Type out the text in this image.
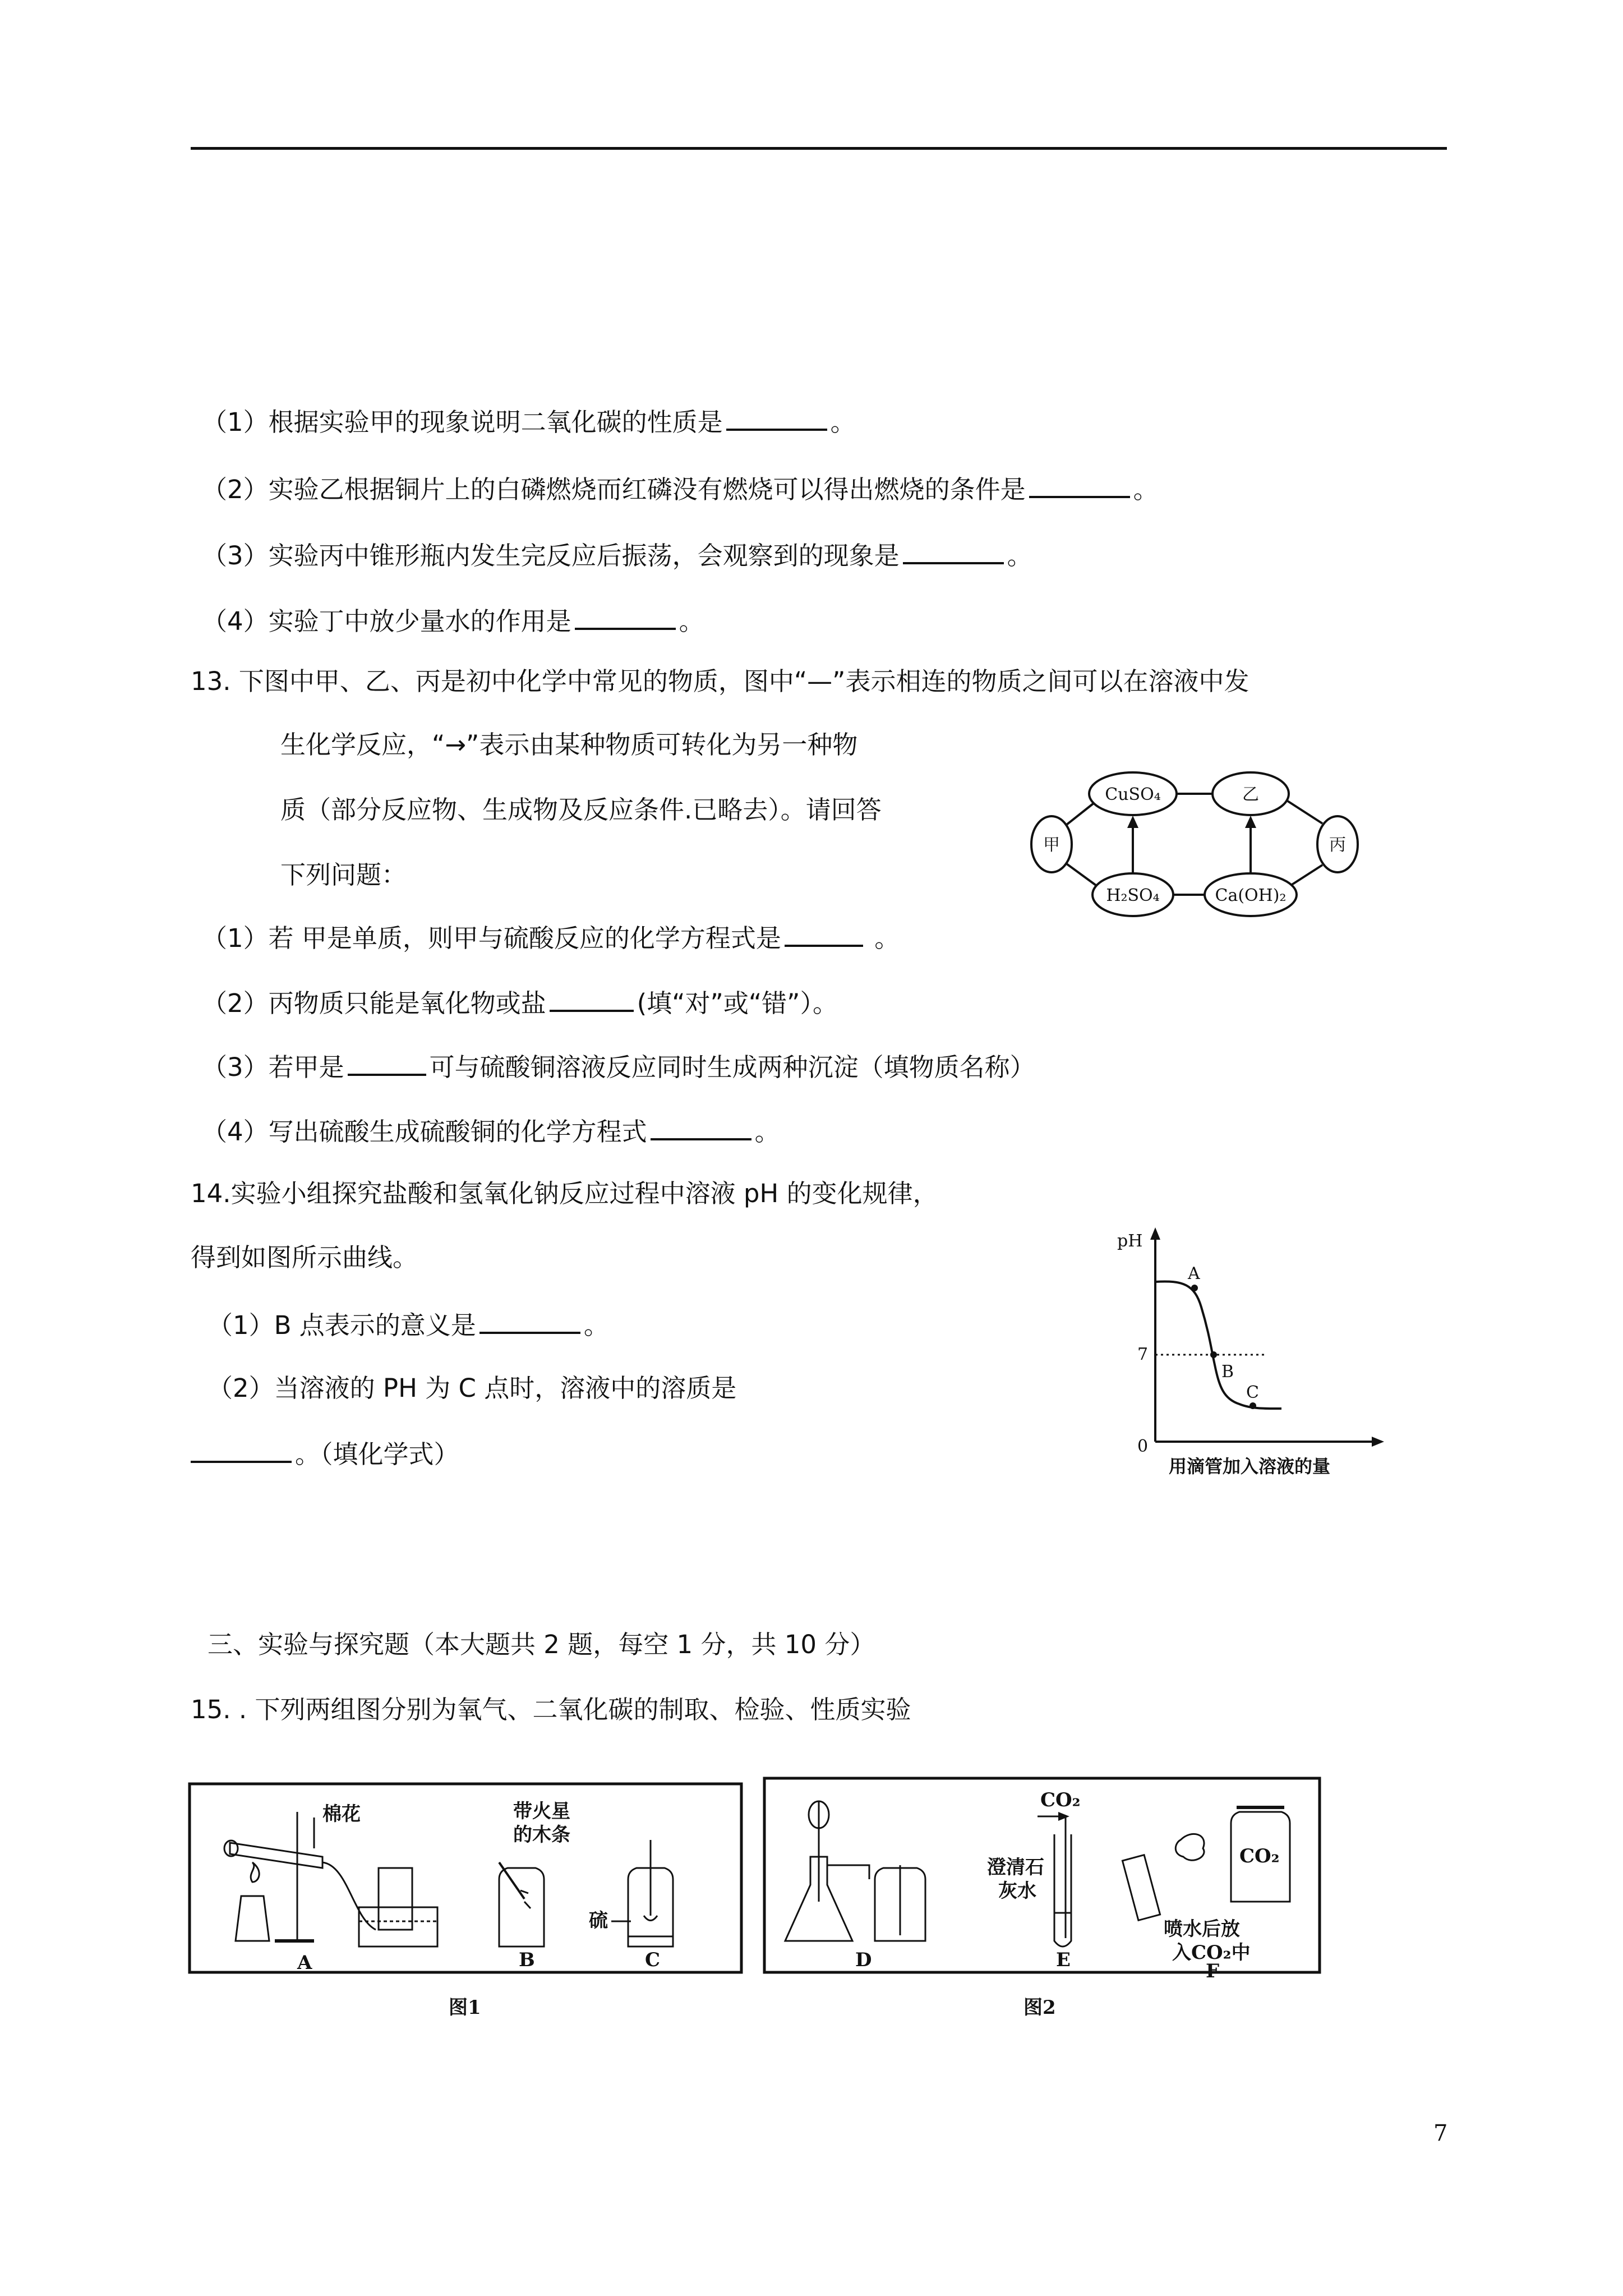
（1）根据实验甲的现象说明二氧化碳的性质是	。
（2）实验乙根据铜片上的白磷燃烧而红磷没有燃烧可以得出燃烧的条件是	。
（3）实验丙中锥形瓶内发生完反应后振荡，会观察到的现象是	。
（4）实验丁中放少量水的作用是	。
13. 下图中甲、乙、丙是初中化学中常见的物质，图中“—”表示相连的物质之间可以在溶液中发
生化学反应，“→”表示由某种物质可转化为另一种物
质（部分反应物、生成物及反应条件.已略去）。请回答
下列问题：
甲
CuSO₄	乙
H₂SO₄	Ca(OH)₂
丙
（1）若 甲是单质，则甲与硫酸反应的化学方程式是	。
（2）丙物质只能是氧化物或盐	(填“对”或“错”）。
（3）若甲是	可与硫酸铜溶液反应同时生成两种沉淀（填物质名称）
（4）写出硫酸生成硫酸铜的化学方程式	。
14.实验小组探究盐酸和氢氧化钠反应过程中溶液 pH 的变化规律，
得到如图所示曲线。
（1）B 点表示的意义是	。
（2）当溶液的 PH 为 C 点时，溶液中的溶质是
。（填化学式）
pH
7
0
A
B
C
用滴管加入溶液的量
三、实验与探究题（本大题共 2 题，每空 1 分，共 10 分）
15. . 下列两组图分别为氧气、二氧化碳的制取、检验、性质实验
棉花	带火星
的木条
硫
A	B	C
图1
CO₂
澄清石
灰水
CO₂
喷水后放
入CO₂中
D	E	F
图2
7
